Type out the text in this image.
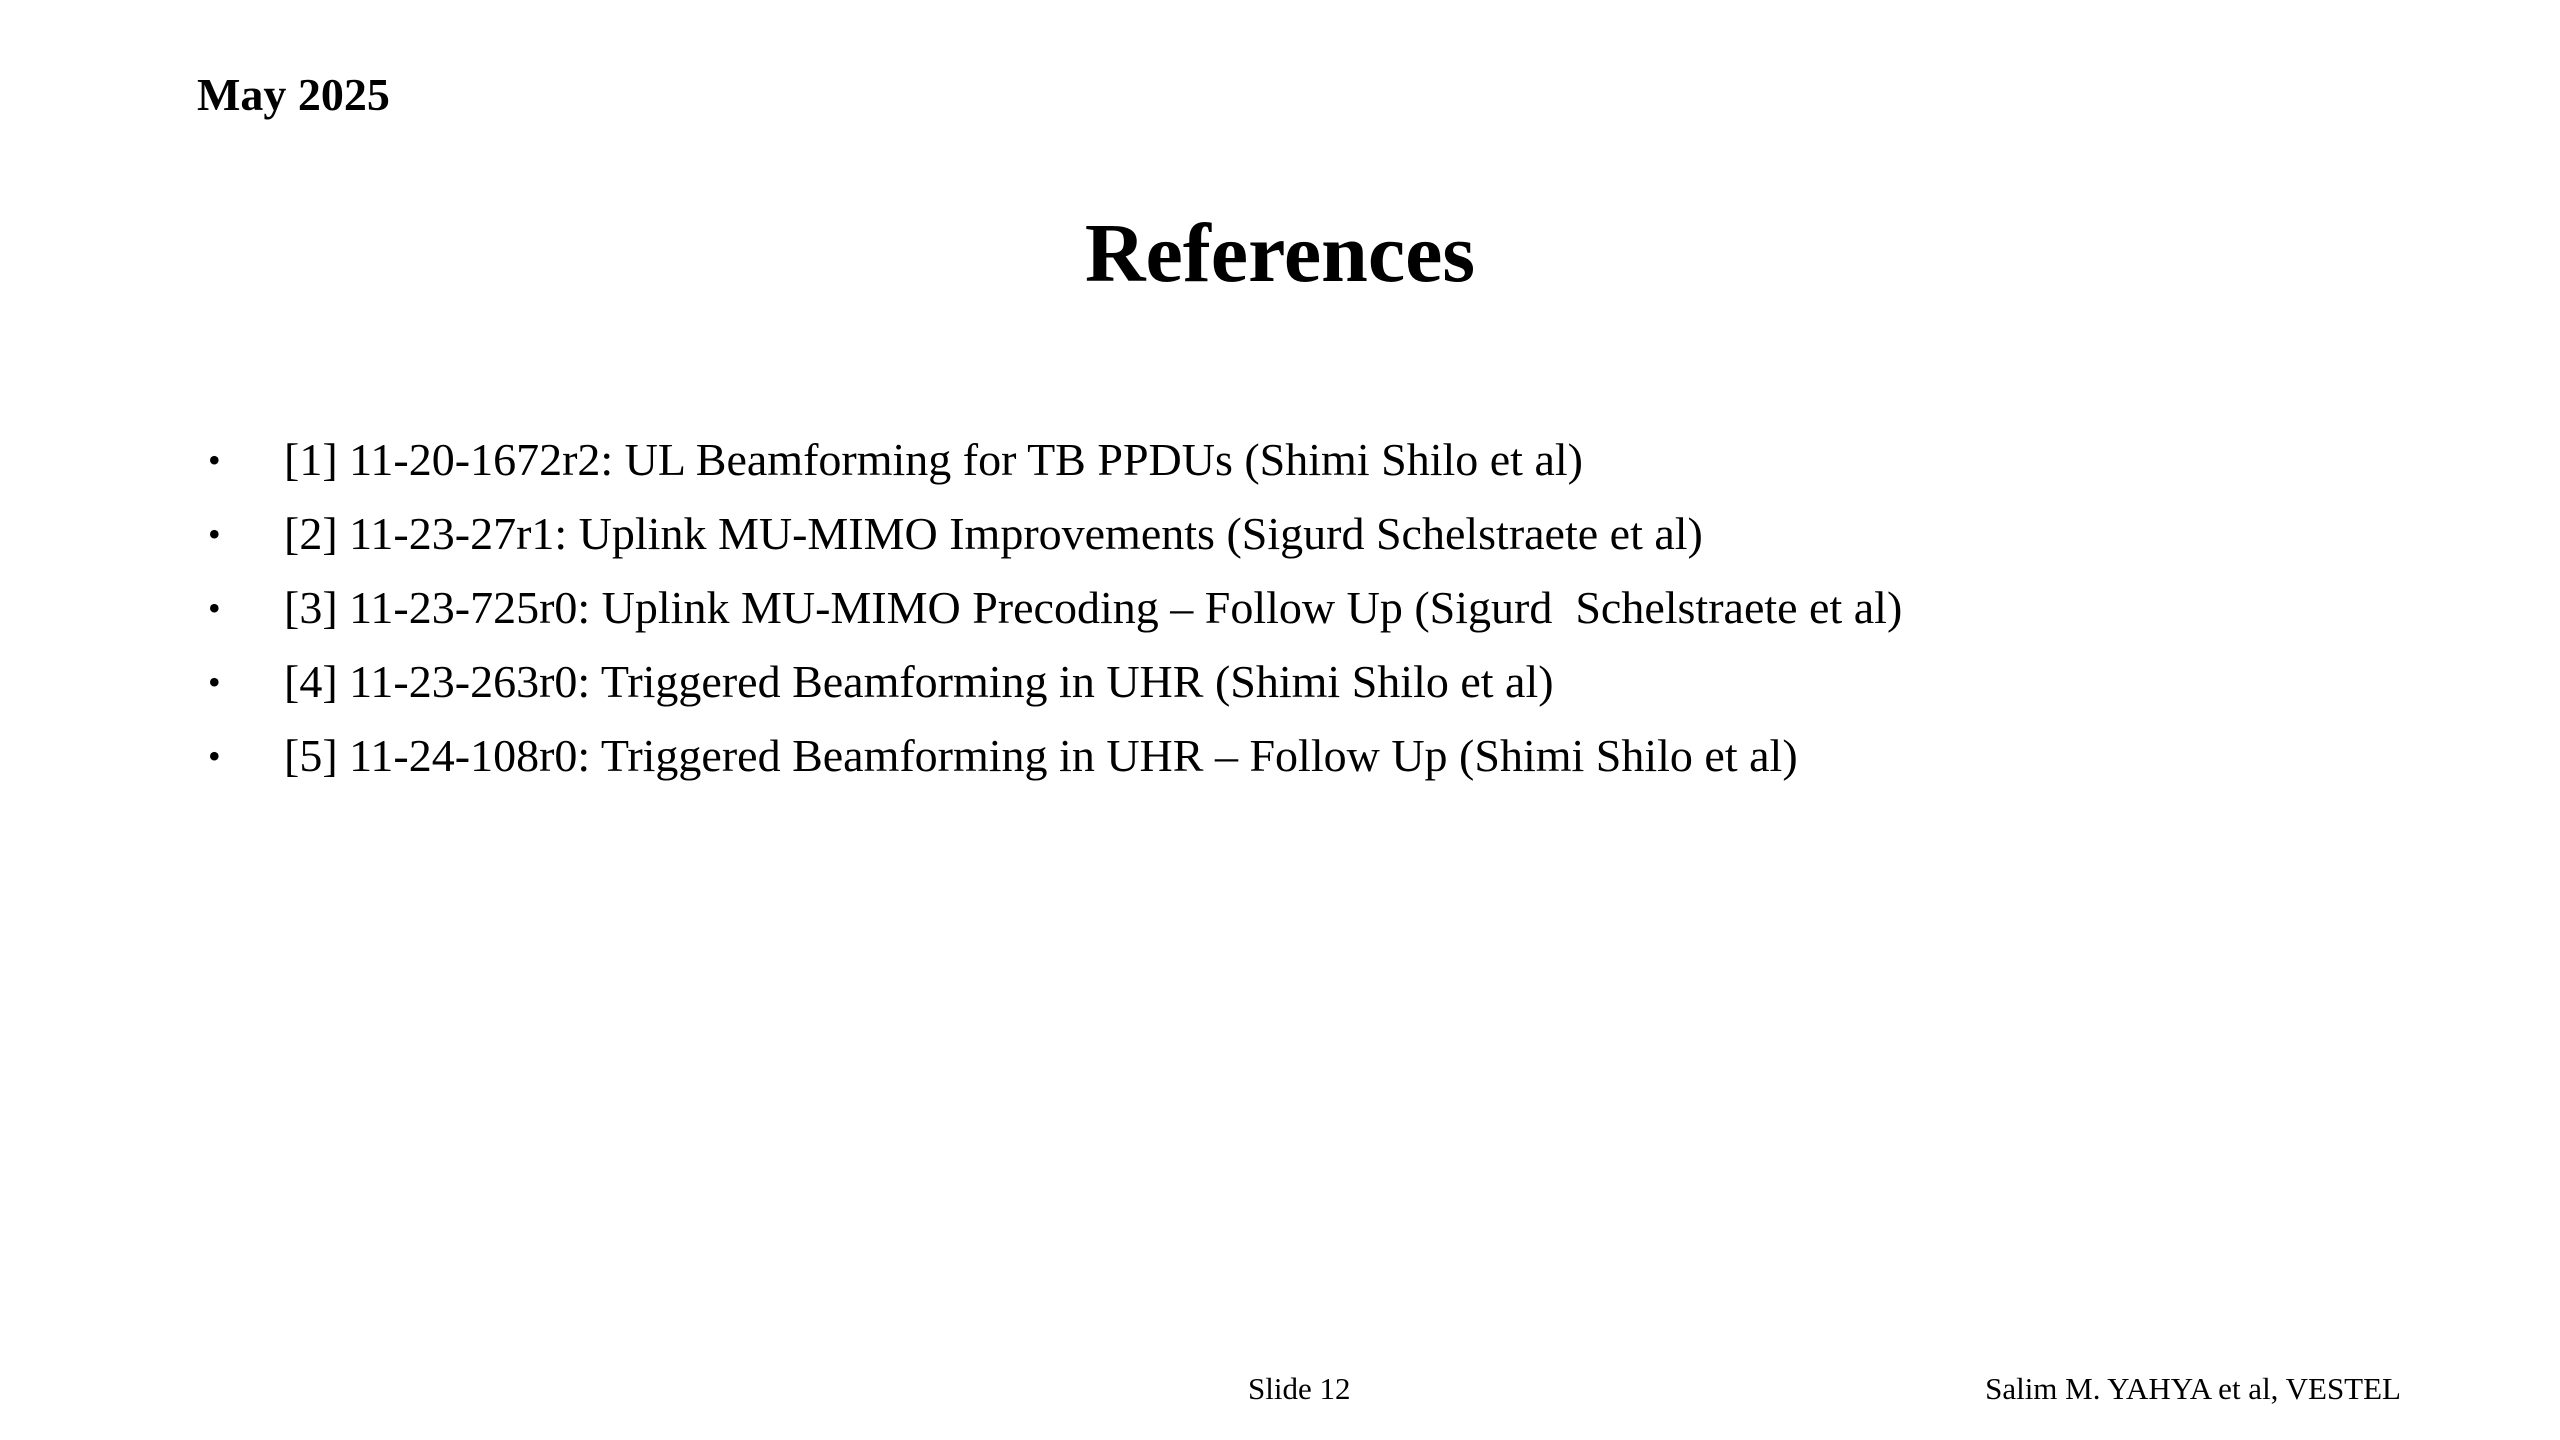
May 2025
References
• [1] 11-20-1672r2: UL Beamforming for TB PPDUs (Shimi Shilo et al)
• [2] 11-23-27r1: Uplink MU-MIMO Improvements (Sigurd Schelstraete et al)
• [3] 11-23-725r0: Uplink MU-MIMO Precoding – Follow Up (Sigurd  Schelstraete et al)
• [4] 11-23-263r0: Triggered Beamforming in UHR (Shimi Shilo et al)
• [5] 11-24-108r0: Triggered Beamforming in UHR – Follow Up (Shimi Shilo et al)
Slide 12	Salim M. YAHYA et al, VESTEL
